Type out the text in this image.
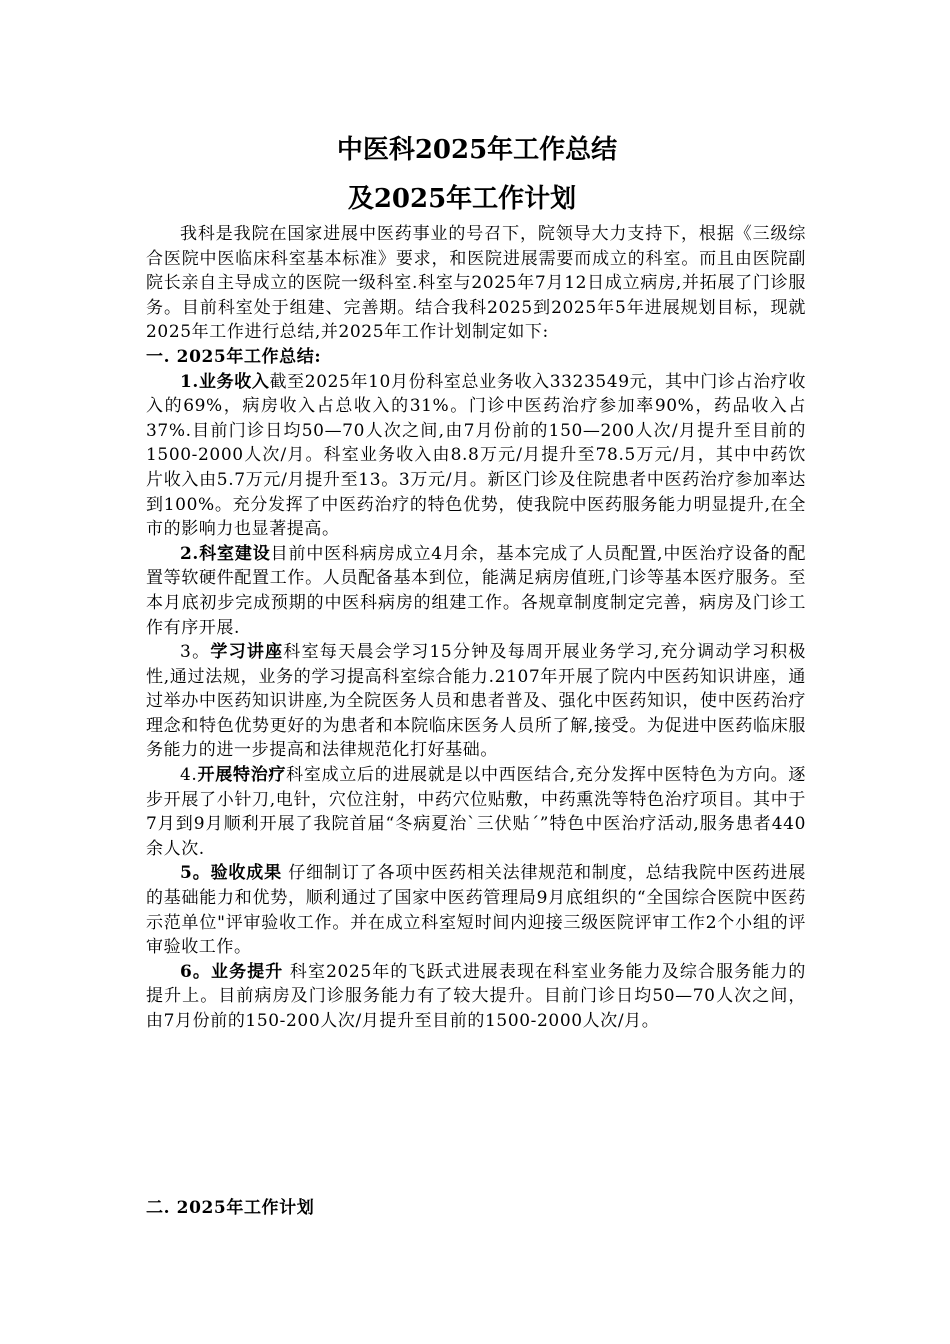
中医科2025年工作总结
及2025年工作计划

我科是我院在国家进展中医药事业的号召下，院领导大力支持下，根据《三级综合医院中医临床科室基本标准》要求，和医院进展需要而成立的科室。而且由医院副院长亲自主导成立的医院一级科室.科室与2025年7月12日成立病房,并拓展了门诊服务。目前科室处于组建、完善期。结合我科2025到2025年5年进展规划目标，现就2025年工作进行总结,并2025年工作计划制定如下:

一. 2025年工作总结:

1.业务收入截至2025年10月份科室总业务收入3323549元，其中门诊占治疗收入的69%，病房收入占总收入的31%。门诊中医药治疗参加率90%，药品收入占37%.目前门诊日均50—70人次之间,由7月份前的150—200人次/月提升至目前的1500-2000人次/月。科室业务收入由8.8万元/月提升至78.5万元/月，其中中药饮片收入由5.7万元/月提升至13。3万元/月。新区门诊及住院患者中医药治疗参加率达到100%。充分发挥了中医药治疗的特色优势，使我院中医药服务能力明显提升,在全市的影响力也显著提高。

2.科室建设目前中医科病房成立4月余，基本完成了人员配置,中医治疗设备的配置等软硬件配置工作。人员配备基本到位，能满足病房值班,门诊等基本医疗服务。至本月底初步完成预期的中医科病房的组建工作。各规章制度制定完善，病房及门诊工作有序开展.

3。学习讲座科室每天晨会学习15分钟及每周开展业务学习,充分调动学习积极性,通过法规，业务的学习提高科室综合能力.2107年开展了院内中医药知识讲座，通过举办中医药知识讲座,为全院医务人员和患者普及、强化中医药知识，使中医药治疗理念和特色优势更好的为患者和本院临床医务人员所了解,接受。为促进中医药临床服务能力的进一步提高和法律规范化打好基础。

4.开展特治疗科室成立后的进展就是以中西医结合,充分发挥中医特色为方向。逐步开展了小针刀,电针，穴位注射，中药穴位贴敷，中药熏洗等特色治疗项目。其中于7月到9月顺利开展了我院首届“冬病夏治`三伏贴´”特色中医治疗活动,服务患者440余人次.

5。验收成果 仔细制订了各项中医药相关法律规范和制度，总结我院中医药进展的基础能力和优势，顺利通过了国家中医药管理局9月底组织的“全国综合医院中医药示范单位"评审验收工作。并在成立科室短时间内迎接三级医院评审工作2个小组的评审验收工作。

6。业务提升 科室2025年的飞跃式进展表现在科室业务能力及综合服务能力的提升上。目前病房及门诊服务能力有了较大提升。目前门诊日均50—70人次之间，由7月份前的150-200人次/月提升至目前的1500-2000人次/月。

二. 2025年工作计划
